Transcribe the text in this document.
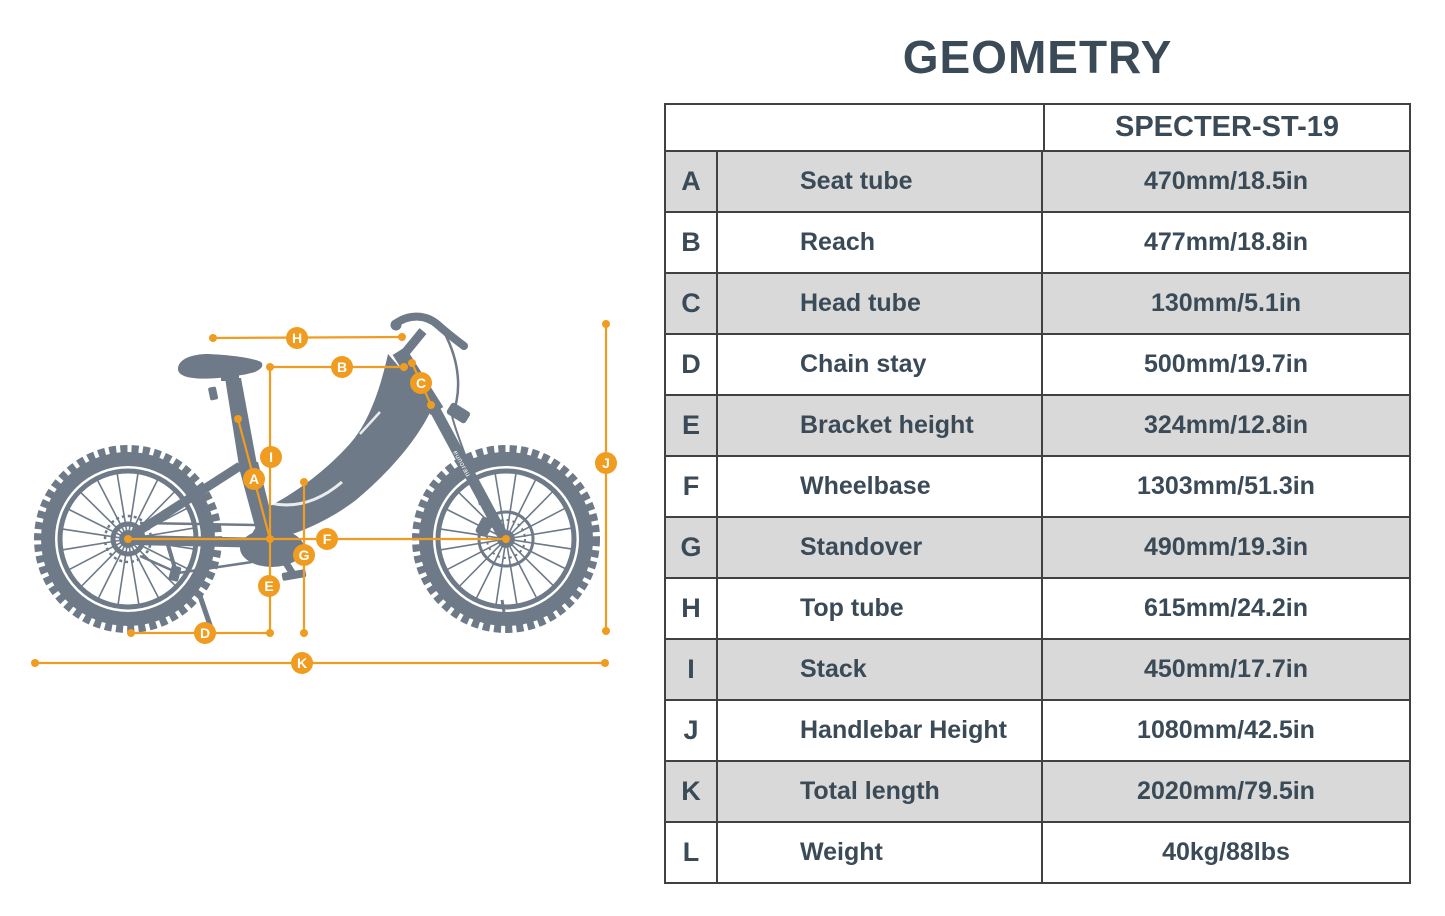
eunorau
A
B
C
D
E
F
G
H
I	J
K
GEOMETRY
SPECTER-ST-19
A	Seat tube	470mm/18.5in
B	Reach	477mm/18.8in
C	Head tube	130mm/5.1in
D	Chain stay	500mm/19.7in
E	Bracket height	324mm/12.8in
F	Wheelbase	1303mm/51.3in
G	Standover	490mm/19.3in
H	Top tube	615mm/24.2in
I	Stack	450mm/17.7in
J	Handlebar Height	1080mm/42.5in
K	Total length	2020mm/79.5in
L	Weight	40kg/88lbs
